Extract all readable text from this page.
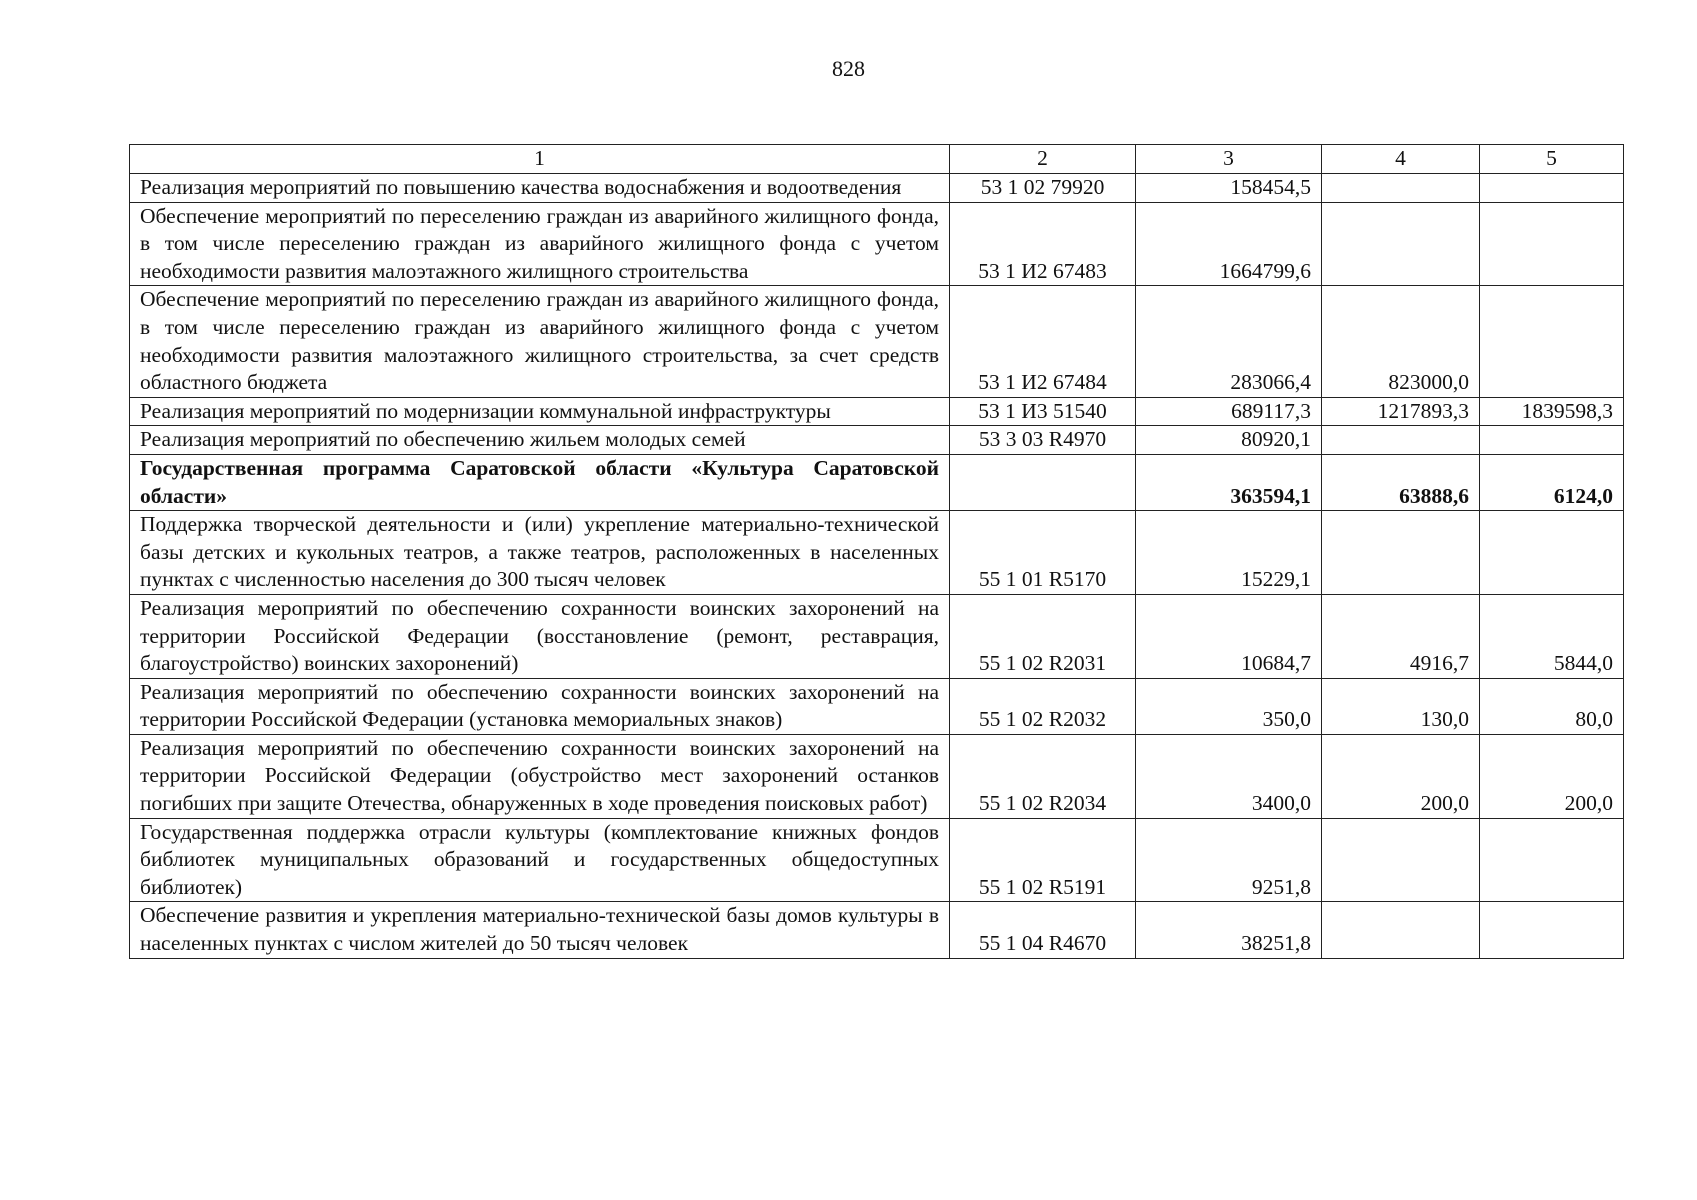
828
1	2	3	4	5
Реализация мероприятий по повышению качества водоснабжения и водоотведения	53 1 02 79920	158454,5		
Обеспечение мероприятий по переселению граждан из аварийного жилищного фонда, в том числе переселению граждан из аварийного жилищного фонда с учетом необходимости развития малоэтажного жилищного строительства	53 1 И2 67483	1664799,6		
Обеспечение мероприятий по переселению граждан из аварийного жилищного фонда, в том числе переселению граждан из аварийного жилищного фонда с учетом необходимости развития малоэтажного жилищного строительства, за счет средств областного бюджета	53 1 И2 67484	283066,4	823000,0	
Реализация мероприятий по модернизации коммунальной инфраструктуры	53 1 И3 51540	689117,3	1217893,3	1839598,3
Реализация мероприятий по обеспечению жильем молодых семей	53 3 03 R4970	80920,1		
Государственная программа Саратовской области «Культура Саратовской области»		363594,1	63888,6	6124,0
Поддержка творческой деятельности и (или) укрепление материально-технической базы детских и кукольных театров, а также театров, расположенных в населенных пунктах с численностью населения до 300 тысяч человек	55 1 01 R5170	15229,1		
Реализация мероприятий по обеспечению сохранности воинских захоронений на территории Российской Федерации (восстановление (ремонт, реставрация, благоустройство) воинских захоронений)	55 1 02 R2031	10684,7	4916,7	5844,0
Реализация мероприятий по обеспечению сохранности воинских захоронений на территории Российской Федерации (установка мемориальных знаков)	55 1 02 R2032	350,0	130,0	80,0
Реализация мероприятий по обеспечению сохранности воинских захоронений на территории Российской Федерации (обустройство мест захоронений останков погибших при защите Отечества, обнаруженных в ходе проведения поисковых работ)	55 1 02 R2034	3400,0	200,0	200,0
Государственная поддержка отрасли культуры (комплектование книжных фондов библиотек муниципальных образований и государственных общедоступных библиотек)	55 1 02 R5191	9251,8		
Обеспечение развития и укрепления материально-технической базы домов культуры в населенных пунктах с числом жителей до 50 тысяч человек	55 1 04 R4670	38251,8		
